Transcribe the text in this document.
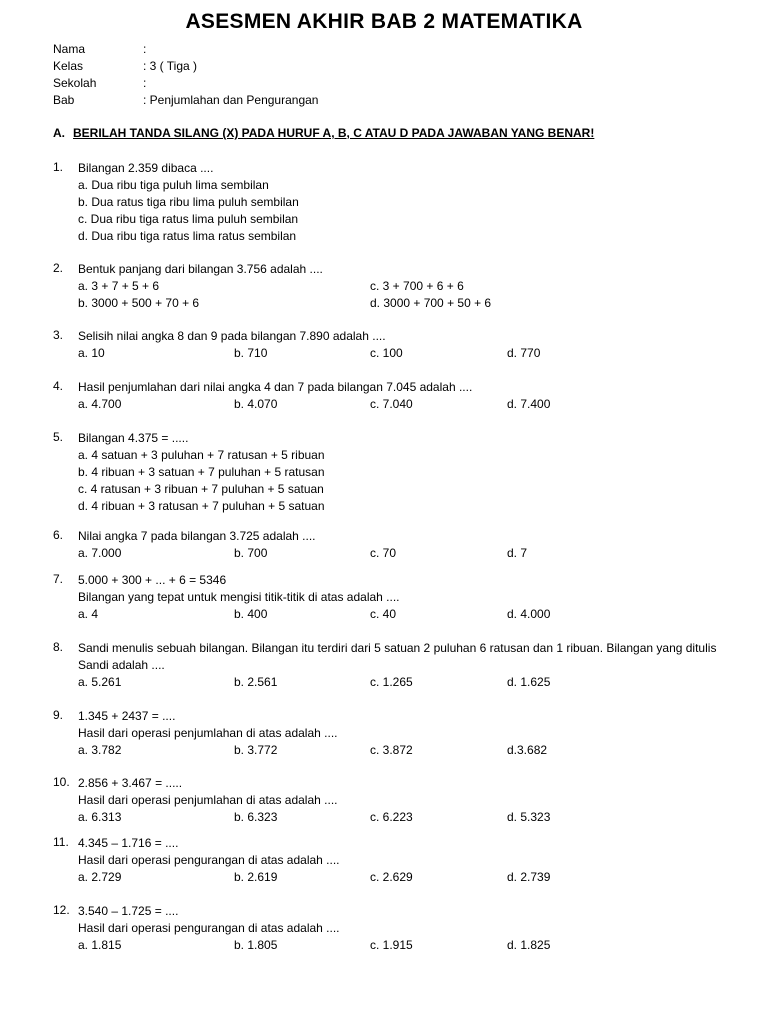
ASESMEN AKHIR BAB 2 MATEMATIKA
Nama	:
Kelas	: 3 ( Tiga )
Sekolah	:
Bab	: Penjumlahan dan Pengurangan
A. BERILAH TANDA SILANG (X) PADA HURUF A, B, C ATAU D PADA JAWABAN YANG BENAR!
1. Bilangan 2.359 dibaca ....
a. Dua ribu tiga puluh lima sembilan
b. Dua ratus tiga ribu lima puluh sembilan
c. Dua ribu tiga ratus lima puluh sembilan
d. Dua ribu tiga ratus lima ratus sembilan
2. Bentuk panjang dari bilangan 3.756 adalah ....
a. 3 + 7 + 5 + 6	c. 3 + 700 + 6 + 6
b. 3000 + 500 + 70 + 6	d. 3000 + 700 + 50 + 6
3. Selisih nilai angka 8 dan 9 pada bilangan 7.890 adalah ....
a. 10	b. 710	c. 100	d. 770
4. Hasil penjumlahan dari nilai angka 4 dan 7 pada bilangan 7.045 adalah ....
a. 4.700	b. 4.070	c. 7.040	d. 7.400
5. Bilangan 4.375 = .....
a. 4 satuan + 3 puluhan + 7 ratusan + 5 ribuan
b. 4 ribuan + 3 satuan + 7 puluhan + 5 ratusan
c. 4 ratusan + 3 ribuan + 7 puluhan + 5 satuan
d. 4 ribuan + 3 ratusan + 7 puluhan + 5 satuan
6. Nilai angka 7 pada bilangan 3.725 adalah ....
a. 7.000	b. 700	c. 70	d. 7
7. 5.000 + 300 + ... + 6 = 5346
Bilangan yang tepat untuk mengisi titik-titik di atas adalah ....
a. 4	b. 400	c. 40	d. 4.000
8. Sandi menulis sebuah bilangan. Bilangan itu terdiri dari 5 satuan 2 puluhan 6 ratusan dan 1 ribuan. Bilangan yang ditulis Sandi adalah ....
a. 5.261	b. 2.561	c. 1.265	d. 1.625
9. 1.345 + 2437 = ....
Hasil dari operasi penjumlahan di atas adalah ....
a. 3.782	b. 3.772	c. 3.872	d.3.682
10. 2.856 + 3.467 = .....
Hasil dari operasi penjumlahan di atas adalah ....
a. 6.313	b. 6.323	c. 6.223	d. 5.323
11. 4.345 – 1.716 = ....
Hasil dari operasi pengurangan di atas adalah ....
a. 2.729	b. 2.619	c. 2.629	d. 2.739
12. 3.540 – 1.725 = ....
Hasil dari operasi pengurangan di atas adalah ....
a. 1.815	b. 1.805	c. 1.915	d. 1.825
